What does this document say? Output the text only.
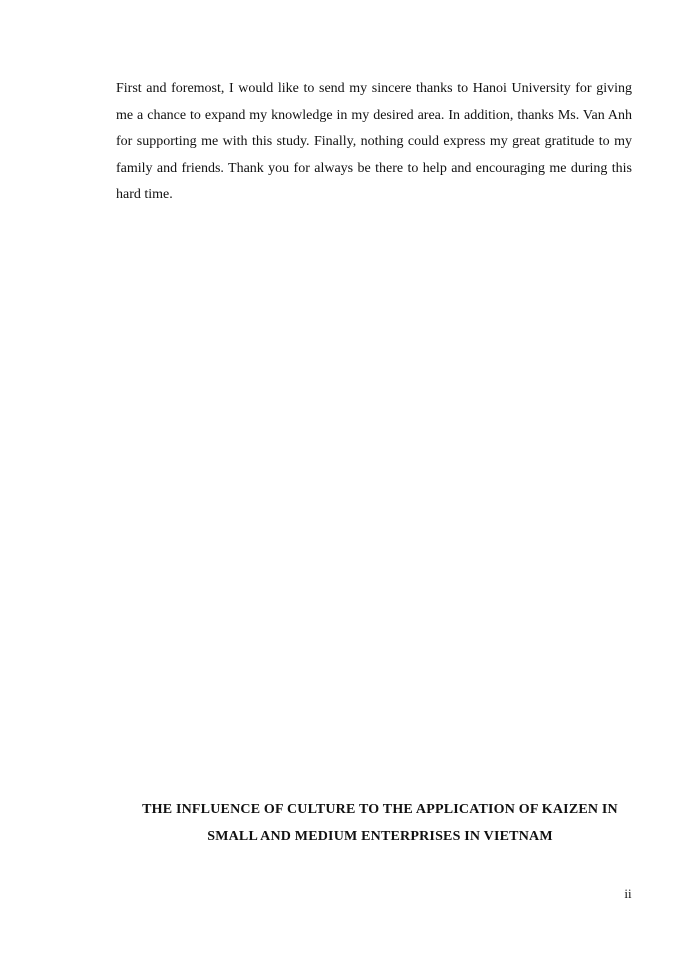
First and foremost, I would like to send my sincere thanks to Hanoi University for giving me a chance to expand my knowledge in my desired area. In addition, thanks Ms. Van Anh for supporting me with this study. Finally, nothing could express my great gratitude to my family and friends. Thank you for always be there to help and encouraging me during this hard time.

THE INFLUENCE OF CULTURE TO THE APPLICATION OF KAIZEN IN
SMALL AND MEDIUM ENTERPRISES IN VIETNAM
ii
